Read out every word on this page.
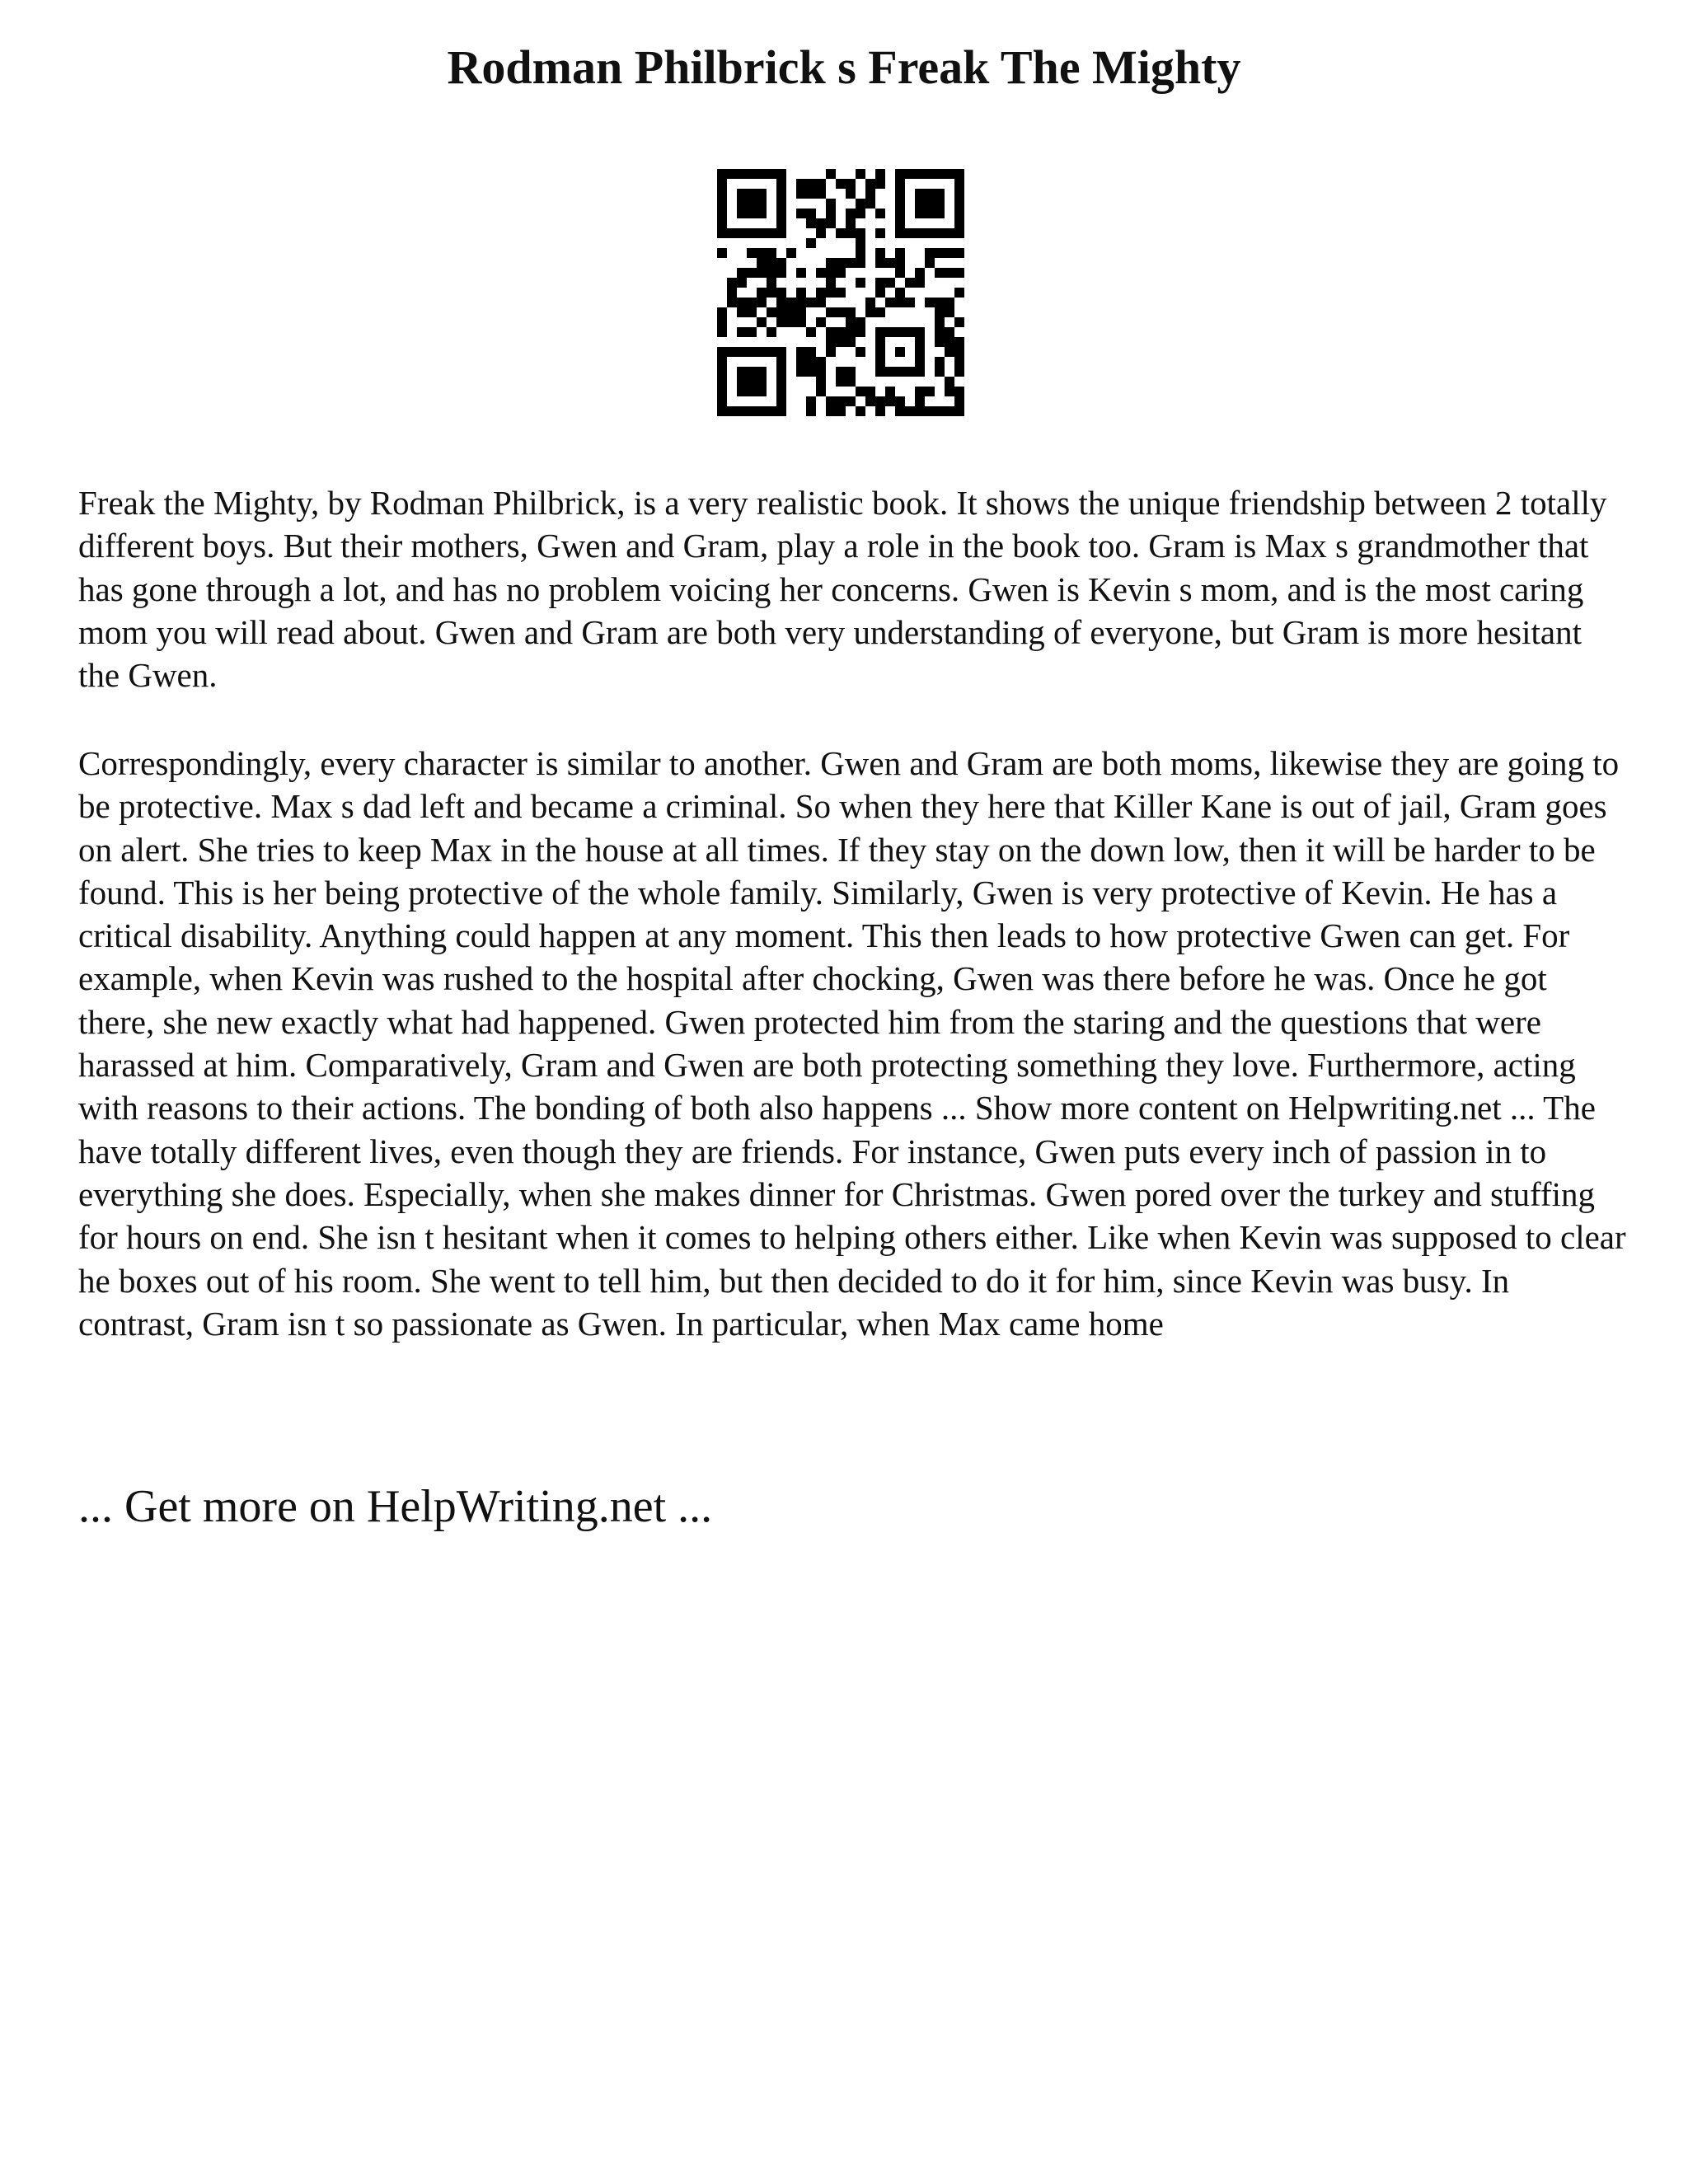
Rodman Philbrick s Freak The Mighty

Freak the Mighty, by Rodman Philbrick, is a very realistic book. It shows the unique friendship between 2 totally different boys. But their mothers, Gwen and Gram, play a role in the book too. Gram is Max s grandmother that has gone through a lot, and has no problem voicing her concerns. Gwen is Kevin s mom, and is the most caring mom you will read about. Gwen and Gram are both very understanding of everyone, but Gram is more hesitant the Gwen.

Correspondingly, every character is similar to another. Gwen and Gram are both moms, likewise they are going to be protective. Max s dad left and became a criminal. So when they here that Killer Kane is out of jail, Gram goes on alert. She tries to keep Max in the house at all times. If they stay on the down low, then it will be harder to be found. This is her being protective of the whole family. Similarly, Gwen is very protective of Kevin. He has a critical disability. Anything could happen at any moment. This then leads to how protective Gwen can get. For example, when Kevin was rushed to the hospital after chocking, Gwen was there before he was. Once he got there, she new exactly what had happened. Gwen protected him from the staring and the questions that were harassed at him. Comparatively, Gram and Gwen are both protecting something they love. Furthermore, acting with reasons to their actions. The bonding of both also happens ... Show more content on Helpwriting.net ... The have totally different lives, even though they are friends. For instance, Gwen puts every inch of passion in to everything she does. Especially, when she makes dinner for Christmas. Gwen pored over the turkey and stuffing for hours on end. She isn t hesitant when it comes to helping others either. Like when Kevin was supposed to clear he boxes out of his room. She went to tell him, but then decided to do it for him, since Kevin was busy. In contrast, Gram isn t so passionate as Gwen. In particular, when Max came home

... Get more on HelpWriting.net ...
